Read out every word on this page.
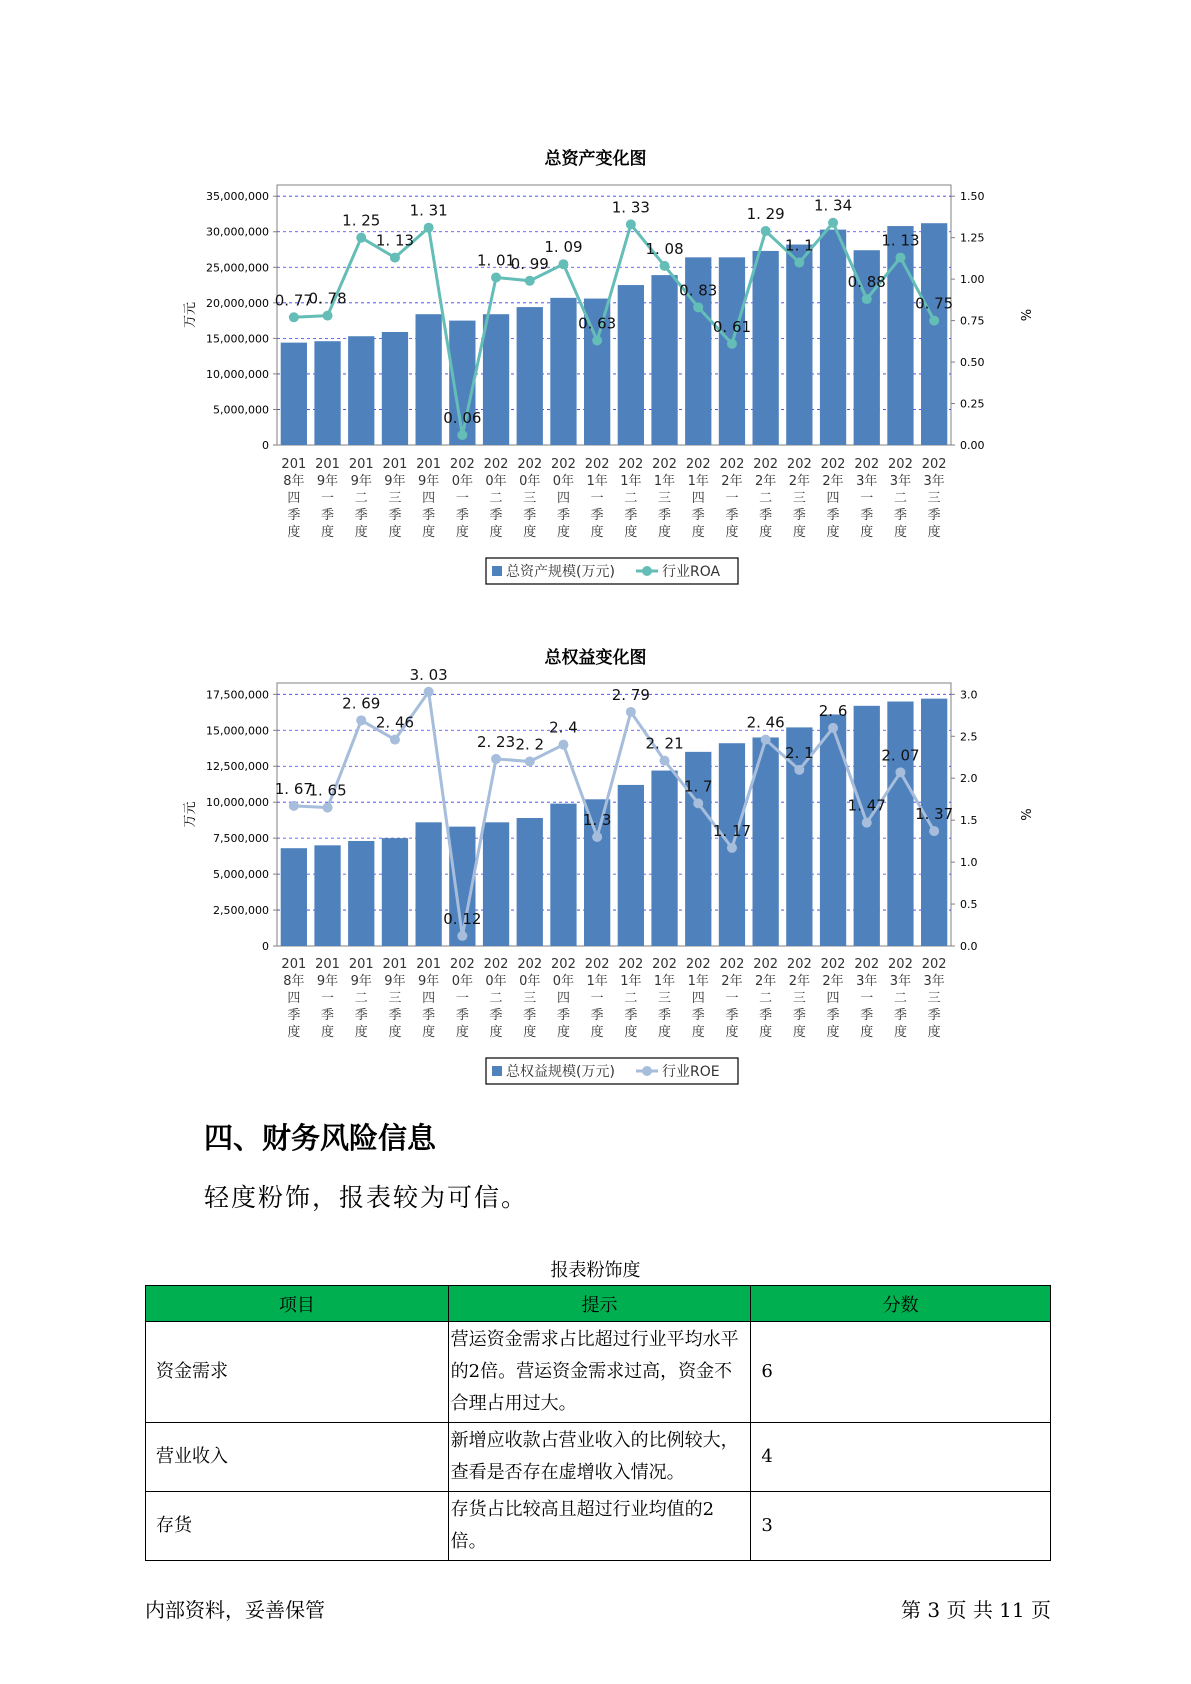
总资产变化图
35,000,000
30,000,000
25,000,000
20,000,000
15,000,000
10,000,000
5,000,000
0
1.50
1.25
1.00
0.75
0.50
0.25
0.00
万元	%
0. 77
0. 78
1. 25
1. 13
1. 31
0. 06
1. 01
0. 99
1. 09
0. 63
1. 33
1. 08
0. 83
0. 61
1. 29
1. 1
1. 34
0. 88
1. 13
0. 75
201
8年
四
季
度
201
9年
一
季
度
201
9年
二
季
度
201
9年
三
季
度
201
9年
四
季
度
202
0年
一
季
度
202
0年
二
季
度
202
0年
三
季
度
202
0年
四
季
度
202
1年
一
季
度
202
1年
二
季
度
202
1年
三
季
度
202
1年
四
季
度
202
2年
一
季
度
202
2年
二
季
度
202
2年
三
季
度
202
2年
四
季
度
202
3年
一
季
度
202
3年
二
季
度
202
3年
三
季
度
总资产规模(万元)	行业ROA
总权益变化图
17,500,000
15,000,000
12,500,000
10,000,000
7,500,000
5,000,000
2,500,000
0
3.0
2.5
2.0
1.5
1.0
0.5
0.0
万元	%
1. 67
1. 65
2. 69
2. 46
3. 03
0. 12
2. 23 2. 2
2. 4
1. 3
2. 79
2. 21
1. 7
1. 17
2. 46
2. 1
2. 6
1. 47
2. 07
1. 37
201
8年
四
季
度
201
9年
一
季
度
201
9年
二
季
度
201
9年
三
季
度
201
9年
四
季
度
202
0年
一
季
度
202
0年
二
季
度
202
0年
三
季
度
202
0年
四
季
度
202
1年
一
季
度
202
1年
二
季
度
202
1年
三
季
度
202
1年
四
季
度
202
2年
一
季
度
202
2年
二
季
度
202
2年
三
季
度
202
2年
四
季
度
202
3年
一
季
度
202
3年
二
季
度
202
3年
三
季
度
总权益规模(万元)	行业ROE
四、财务风险信息
轻度粉饰，报表较为可信。
报表粉饰度
项目	提示	分数
资金需求	营运资金需求占比超过行业平均水平的2倍。营运资金需求过高，资金不合理占用过大。	6
营业收入	新增应收款占营业收入的比例较大，查看是否存在虚增收入情况。	4
存货	存货占比较高且超过行业均值的2倍。	3
内部资料，妥善保管	第 3 页 共 11 页
